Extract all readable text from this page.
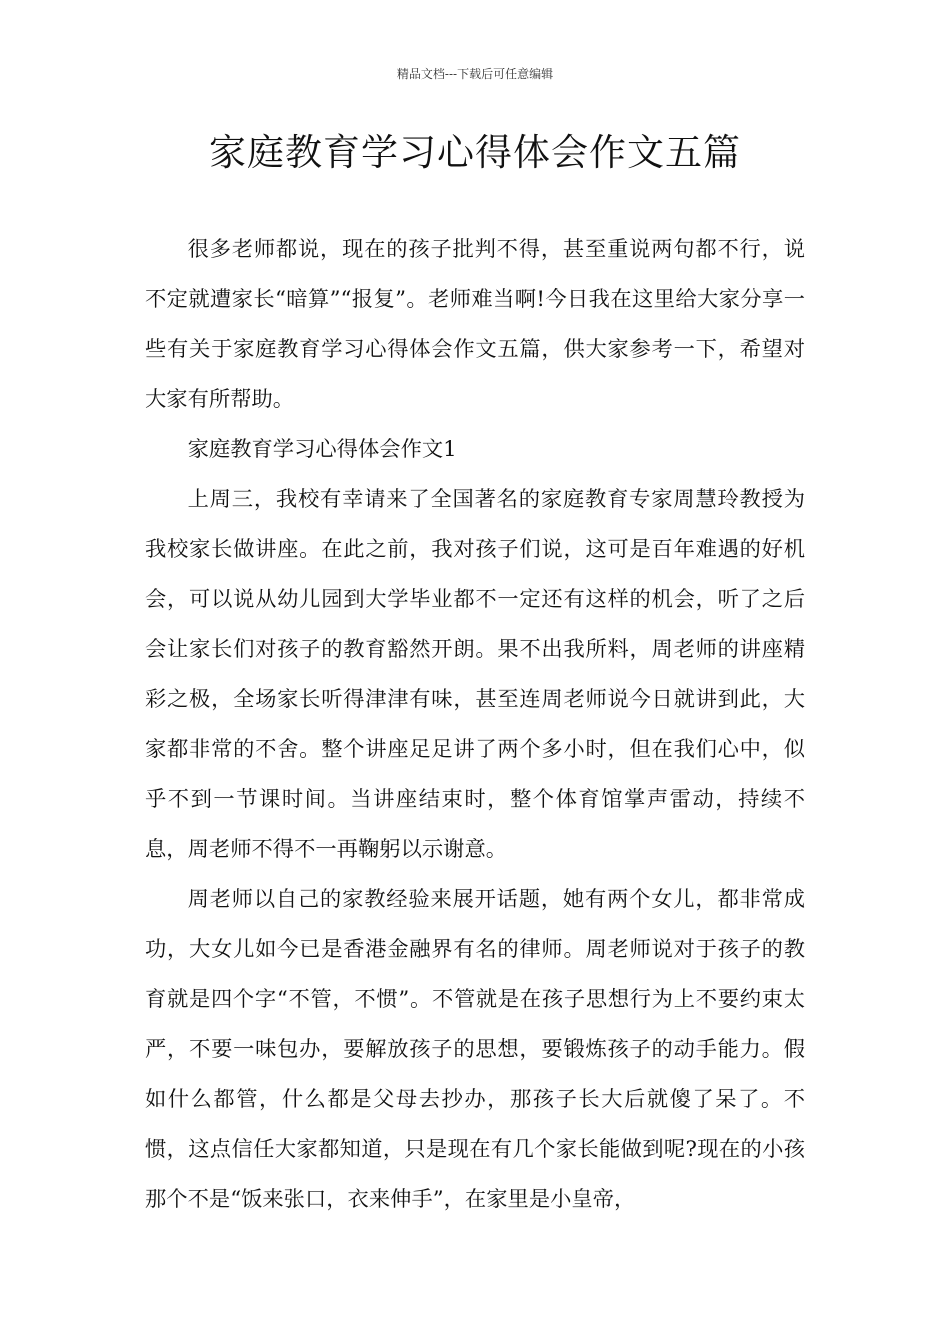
精品文档---下载后可任意编辑
家庭教育学习心得体会作文五篇

很多老师都说，现在的孩子批判不得，甚至重说两句都不行，说不定就遭家长“暗算”“报复”。老师难当啊!今日我在这里给大家分享一些有关于家庭教育学习心得体会作文五篇，供大家参考一下，希望对大家有所帮助。

家庭教育学习心得体会作文1

上周三，我校有幸请来了全国著名的家庭教育专家周慧玲教授为我校家长做讲座。在此之前，我对孩子们说，这可是百年难遇的好机会，可以说从幼儿园到大学毕业都不一定还有这样的机会，听了之后会让家长们对孩子的教育豁然开朗。果不出我所料，周老师的讲座精彩之极，全场家长听得津津有味，甚至连周老师说今日就讲到此，大家都非常的不舍。整个讲座足足讲了两个多小时，但在我们心中，似乎不到一节课时间。当讲座结束时，整个体育馆掌声雷动，持续不息，周老师不得不一再鞠躬以示谢意。

周老师以自己的家教经验来展开话题，她有两个女儿，都非常成功，大女儿如今已是香港金融界有名的律师。周老师说对于孩子的教育就是四个字“不管，不惯”。不管就是在孩子思想行为上不要约束太严，不要一味包办，要解放孩子的思想，要锻炼孩子的动手能力。假如什么都管，什么都是父母去抄办，那孩子长大后就傻了呆了。不惯，这点信任大家都知道，只是现在有几个家长能做到呢?现在的小孩那个不是“饭来张口，衣来伸手”，在家里是小皇帝，
